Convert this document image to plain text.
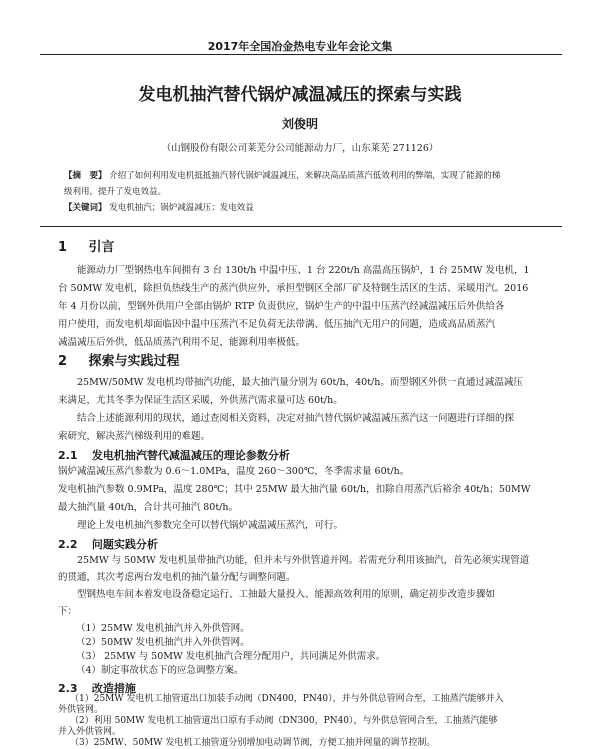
2017年全国冶金热电专业年会论文集
发电机抽汽替代锅炉减温减压的探索与实践
刘俊明
（山钢股份有限公司莱芜分公司能源动力厂，山东莱芜 271126）
【摘　要】 介绍了如何利用发电机抵抵抽汽替代锅炉减温减压，来解决高品质蒸汽低效利用的弊端，实现了能源的梯
级利用，提升了发电效益。
【关键词】 发电机抽汽；锅炉减温减压；发电效益
1 引言
能源动力厂型钢热电车间拥有 3 台 130t/h 中温中压、1 台 220t/h 高温高压锅炉，1 台 25MW 发电机，1
台 50MW 发电机，除担负热线生产的蒸汽供应外，承担型钢区全部厂矿及特钢生活区的生活、采暖用汽。2016
年 4 月份以前，型钢外供用户全部由锅炉 RTP 负责供应，锅炉生产的中温中压蒸汽经减温减压后外供给各
用户使用，而发电机却面临因中温中压蒸汽不足负荷无法带满、低压抽汽无用户的问题，造成高品质蒸汽
减温减压后外供，低品质蒸汽利用不足，能源利用率极低。
2 探索与实践过程
25MW/50MW 发电机均带抽汽功能，最大抽汽量分别为 60t/h，40t/h。而型钢区外供一直通过减温减压
来满足，尤其冬季为保证生活区采暖，外供蒸汽需求量可达 60t/h。
结合上述能源利用的现状，通过查阅相关资料，决定对抽汽替代锅炉减温减压蒸汽这一问题进行详细的探
索研究，解决蒸汽梯级利用的难题。
2.1 发电机抽汽替代减温减压的理论参数分析
锅炉减温减压蒸汽参数为 0.6～1.0MPa，温度 260～300℃，冬季需求量 60t/h。
发电机抽汽参数 0.9MPa，温度 280℃；其中 25MW 最大抽汽量 60t/h，扣除自用蒸汽后裕余 40t/h；50MW
最大抽汽量 40t/h，合计共可抽汽 80t/h。
理论上发电机抽汽参数完全可以替代锅炉减温减压蒸汽，可行。
2.2 问题实践分析
25MW 与 50MW 发电机虽带抽汽功能，但并未与外供管道并网。若需充分利用该抽汽，首先必须实现管道
的贯通，其次考虑两台发电机的抽汽量分配与调整问题。
型钢热电车间本着发电设备稳定运行、工抽最大量投入、能源高效利用的原则，确定初步改造步骤如
下：
（1）25MW 发电机抽汽并入外供管网。
（2）50MW 发电机抽汽并入外供管网。
（3） 25MW 与 50MW 发电机抽汽合理分配用户，共同满足外供需求。
（4）制定事故状态下的应急调整方案。
2.3 改造措施
（1）25MW 发电机工抽管道出口加装手动阀（DN400，PN40），并与外供总管网合至，工抽蒸汽能够并入
外供管网。
（2）利用 50MW 发电机工抽管道出口原有手动阀（DN300，PN40），与外供总管网合至，工抽蒸汽能够
并入外供管网。
（3）25MW、50MW 发电机工抽管道分别增加电动调节阀，方便工抽并网量的调节控制。
